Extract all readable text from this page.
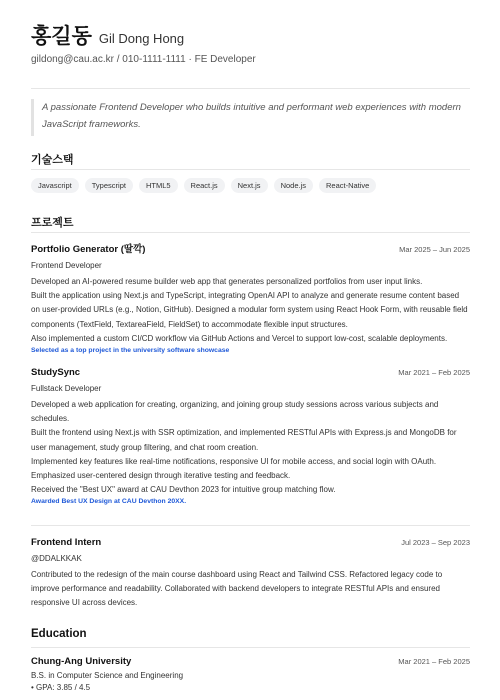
홍길동 Gil Dong Hong
gildong@cau.ac.kr / 010-1111-1111 · FE Developer
A passionate Frontend Developer who builds intuitive and performant web experiences with modern JavaScript frameworks.
기술스택
Javascript	Typescript	HTML5	React.js	Next.js	Node.js	React-Native
프로젝트
Portfolio Generator (딸깍)	Mar 2025 – Jun 2025
Frontend Developer

Developed an AI-powered resume builder web app that generates personalized portfolios from user input links.

Built the application using Next.js and TypeScript, integrating OpenAI API to analyze and generate resume content based on user-provided URLs (e.g., Notion, GitHub). Designed a modular form system using React Hook Form, with reusable field components (TextField, TextareaField, FieldSet) to accommodate flexible input structures.

Also implemented a custom CI/CD workflow via GitHub Actions and Vercel to support low-cost, scalable deployments.

Selected as a top project in the university software showcase
StudySync	Mar 2021 – Feb 2025
Fullstack Developer

Developed a web application for creating, organizing, and joining group study sessions across various subjects and schedules.

Built the frontend using Next.js with SSR optimization, and implemented RESTful APIs with Express.js and MongoDB for user management, study group filtering, and chat room creation.

Implemented key features like real-time notifications, responsive UI for mobile access, and social login with OAuth.

Emphasized user-centered design through iterative testing and feedback.

Received the "Best UX" award at CAU Devthon 2023 for intuitive group matching flow.

Awarded Best UX Design at CAU Devthon 20XX.
Frontend Intern	Jul 2023 – Sep 2023
@DDALKKAK
Contributed to the redesign of the main course dashboard using React and Tailwind CSS. Refactored legacy code to improve performance and readability. Collaborated with backend developers to integrate RESTful APIs and ensured responsive UI across devices.
Education
Chung-Ang University	Mar 2021 – Feb 2025
B.S. in Computer Science and Engineering
• GPA: 3.85 / 4.5
